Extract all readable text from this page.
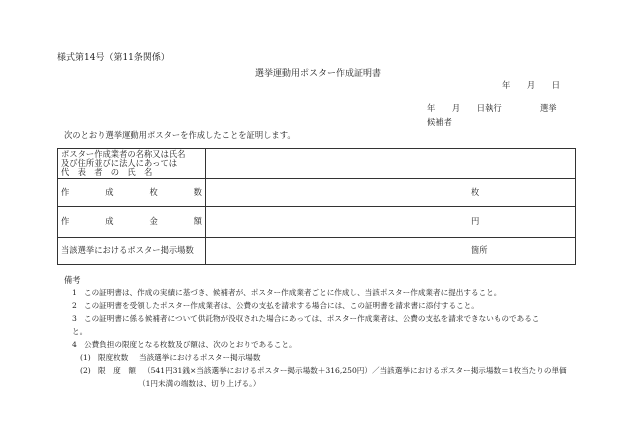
様式第14号（第11条関係）
選挙運動用ポスター作成証明書
年　　月　　日
年　　月　　日執行	選挙
候補者
次のとおり選挙運動用ポスターを作成したことを証明します。
ポスター作成業者の名称又は氏名
及び住所並びに法人にあっては
代　表　者　の　氏　名	

作 成 枚 数	枚

作 成 金 額	円
当該選挙におけるポスター掲示場数	箇所
備考
1 この証明書は、作成の実績に基づき、候補者が、ポスター作成業者ごとに作成し、当該ポスター作成業者に提出すること。
2 この証明書を受領したポスター作成業者は、公費の支払を請求する場合には、この証明書を請求書に添付すること。
3 この証明書に係る候補者について供託物が没収された場合にあっては、ポスター作成業者は、公費の支払を請求できないものであるこ
と。
4 公費負担の限度となる枚数及び額は、次のとおりであること。
(1) 限度枚数 当該選挙におけるポスター掲示場数
(2) 限　度　額 （541円31銭×当該選挙におけるポスター掲示場数＋316,250円）／当該選挙におけるポスター掲示場数＝1枚当たりの単価
（1円未満の端数は、切り上げる。）
